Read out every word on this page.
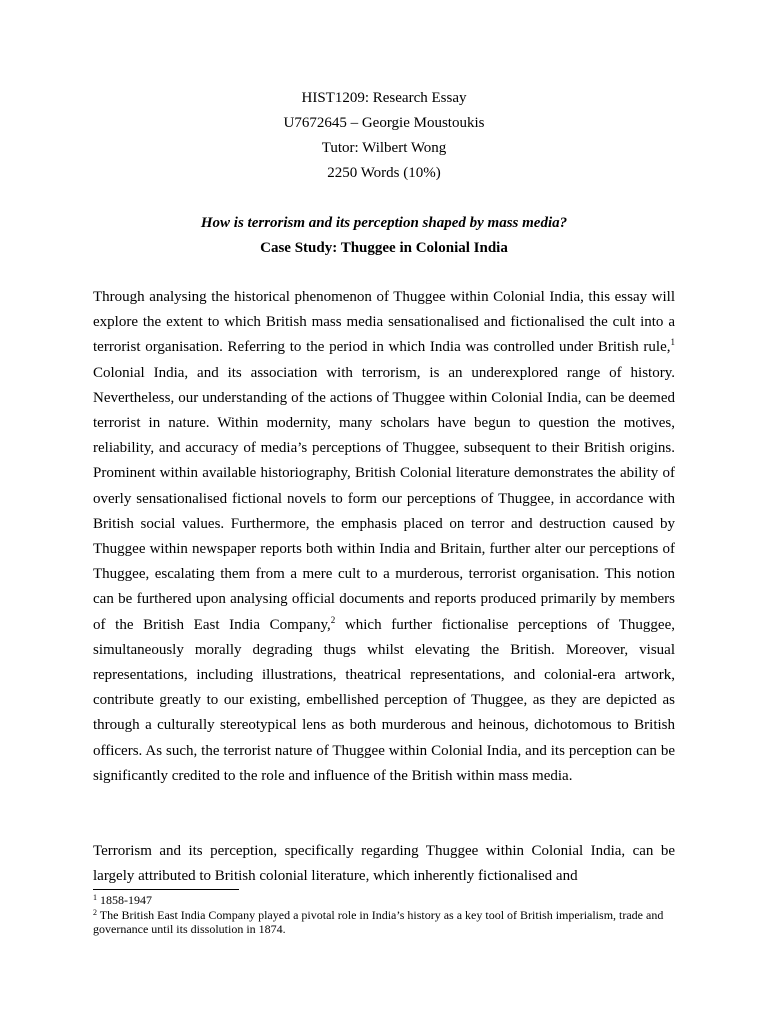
HIST1209: Research Essay
U7672645 – Georgie Moustoukis
Tutor: Wilbert Wong
2250 Words (10%)
How is terrorism and its perception shaped by mass media?
Case Study: Thuggee in Colonial India
Through analysing the historical phenomenon of Thuggee within Colonial India, this essay will explore the extent to which British mass media sensationalised and fictionalised the cult into a terrorist organisation. Referring to the period in which India was controlled under British rule,$^1$ Colonial India, and its association with terrorism, is an underexplored range of history. Nevertheless, our understanding of the actions of Thuggee within Colonial India, can be deemed terrorist in nature. Within modernity, many scholars have begun to question the motives, reliability, and accuracy of media’s perceptions of Thuggee, subsequent to their British origins. Prominent within available historiography, British Colonial literature demonstrates the ability of overly sensationalised fictional novels to form our perceptions of Thuggee, in accordance with British social values. Furthermore, the emphasis placed on terror and destruction caused by Thuggee within newspaper reports both within India and Britain, further alter our perceptions of Thuggee, escalating them from a mere cult to a murderous, terrorist organisation. This notion can be furthered upon analysing official documents and reports produced primarily by members of the British East India Company,$^2$ which further fictionalise perceptions of Thuggee, simultaneously morally degrading thugs whilst elevating the British. Moreover, visual representations, including illustrations, theatrical representations, and colonial-era artwork, contribute greatly to our existing, embellished perception of Thuggee, as they are depicted as through a culturally stereotypical lens as both murderous and heinous, dichotomous to British officers. As such, the terrorist nature of Thuggee within Colonial India, and its perception can be significantly credited to the role and influence of the British within mass media.
Terrorism and its perception, specifically regarding Thuggee within Colonial India, can be largely attributed to British colonial literature, which inherently fictionalised and
$^1$ 1858-1947
$^2$ The British East India Company played a pivotal role in India’s history as a key tool of British imperialism, trade and governance until its dissolution in 1874.
